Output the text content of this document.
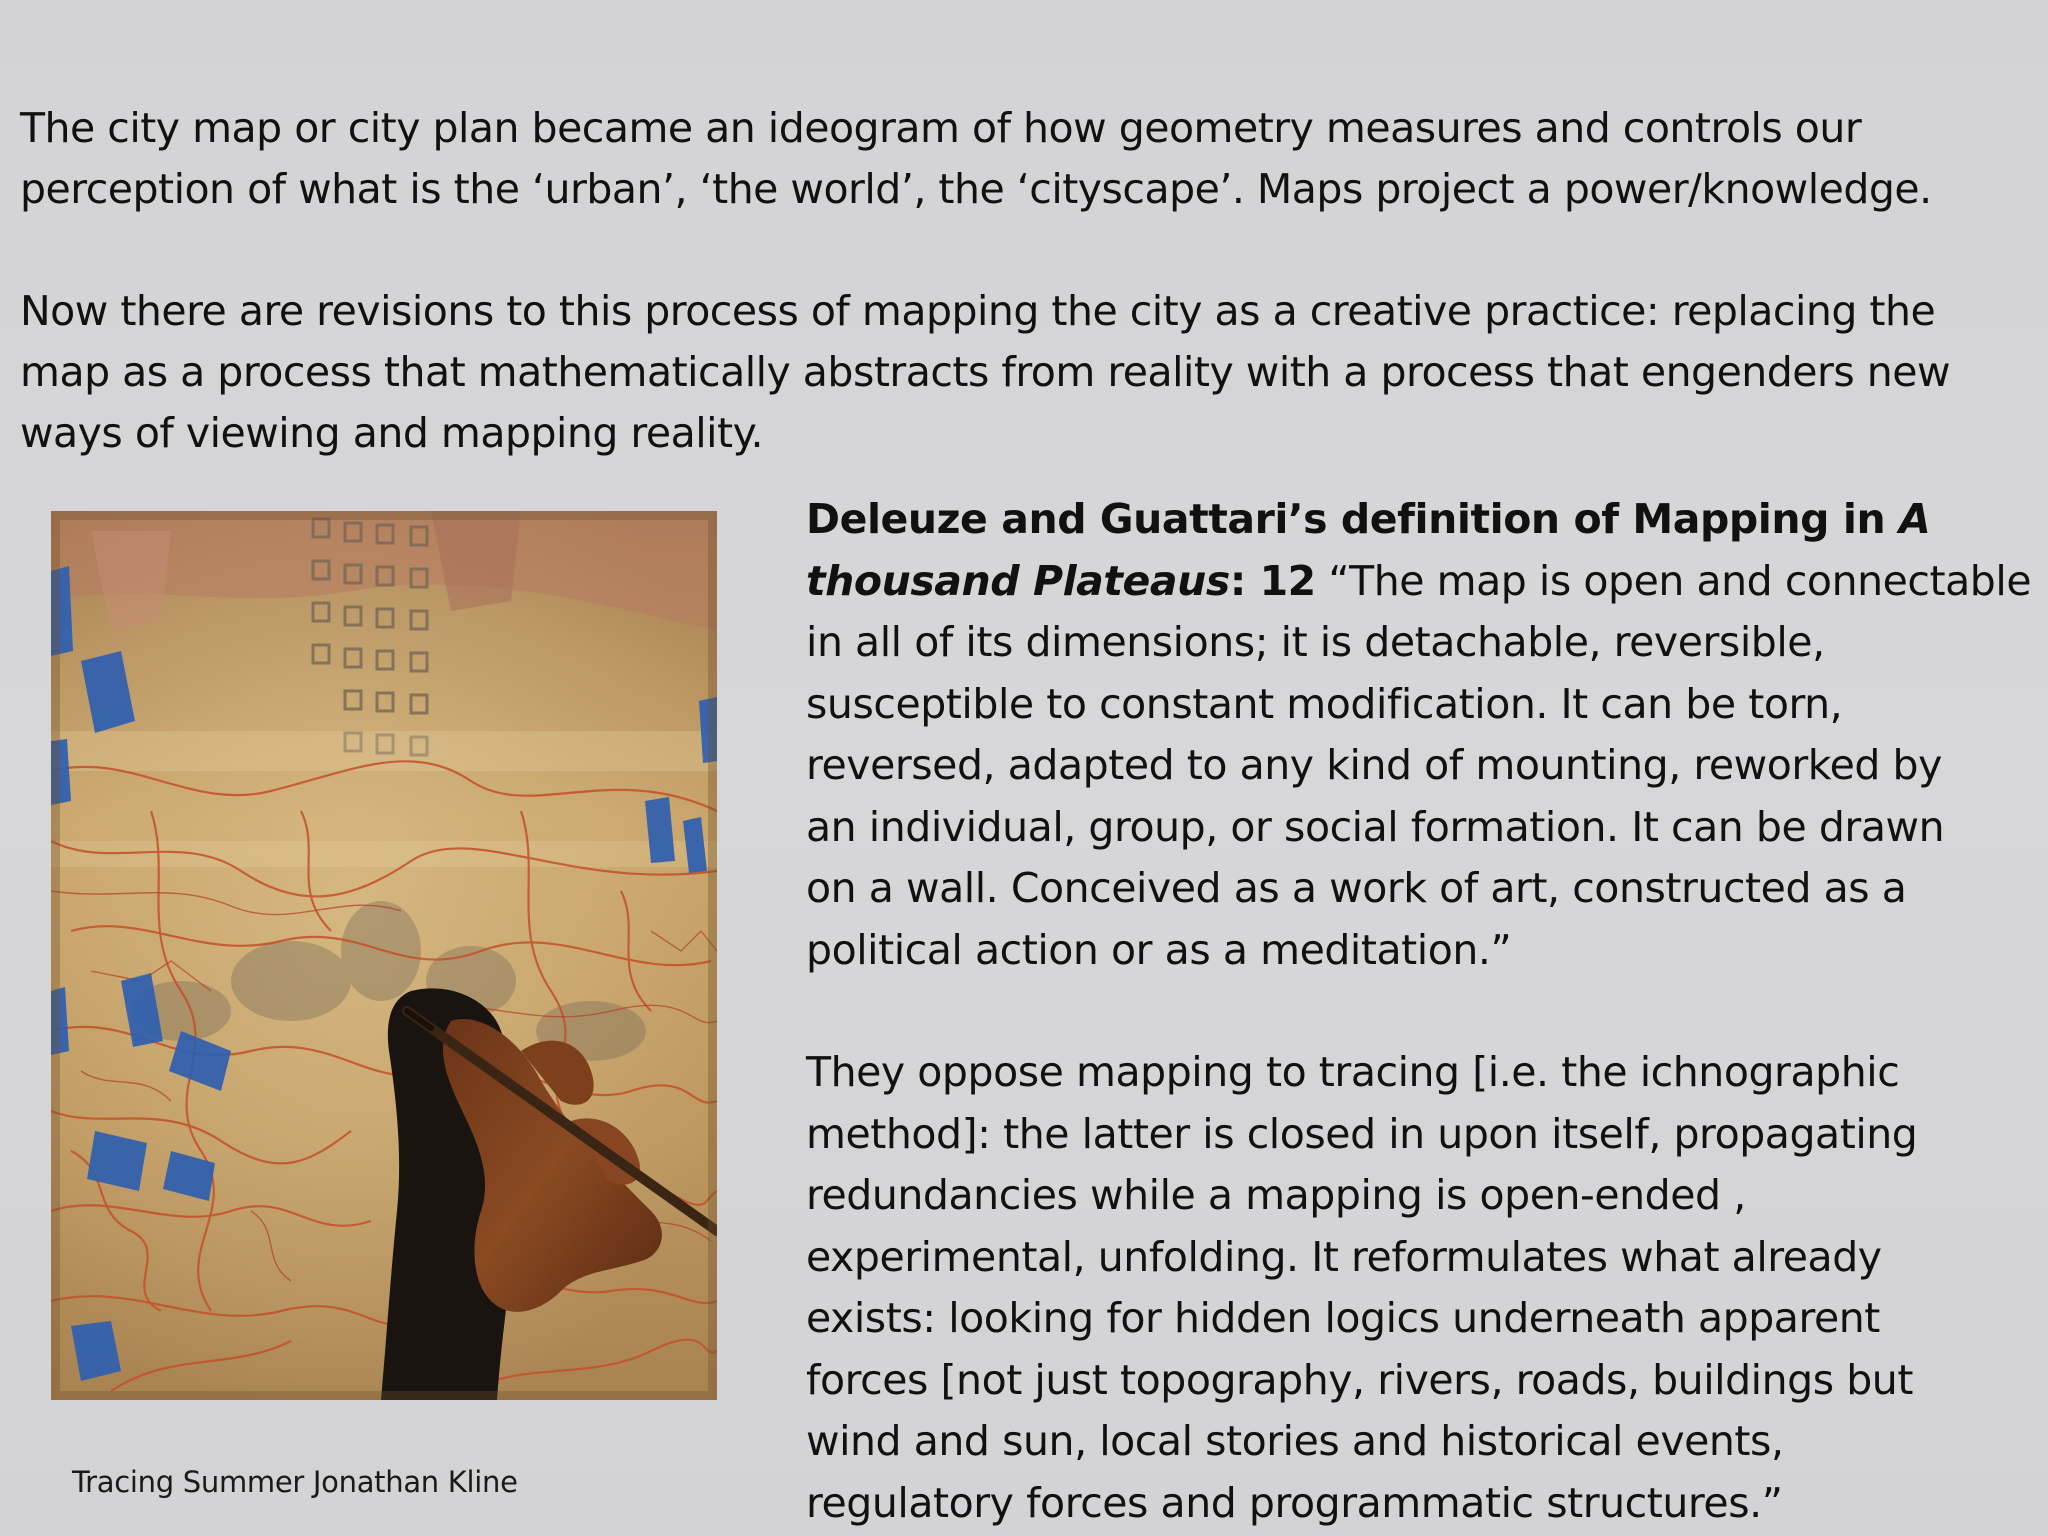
The city map or city plan became an ideogram of how geometry measures and controls our
perception of what is the ‘urban’, ‘the world’, the ‘cityscape’. Maps project a power/knowledge.

Now there are revisions to this process of mapping the city as a creative practice: replacing the
map as a process that mathematically abstracts from reality with a process that engenders new
ways of viewing and mapping reality.

Tracing Summer Jonathan Kline

Deleuze and Guattari’s definition of Mapping in A
thousand Plateaus: 12 “The map is open and connectable
in all of its dimensions; it is detachable, reversible,
susceptible to constant modification. It can be torn,
reversed, adapted to any kind of mounting, reworked by
an individual, group, or social formation. It can be drawn
on a wall. Conceived as a work of art, constructed as a
political action or as a meditation.”

They oppose mapping to tracing [i.e. the ichnographic
method]: the latter is closed in upon itself, propagating
redundancies while a mapping is open-ended ,
experimental, unfolding. It reformulates what already
exists: looking for hidden logics underneath apparent
forces [not just topography, rivers, roads, buildings but
wind and sun, local stories and historical events,
regulatory forces and programmatic structures.”
